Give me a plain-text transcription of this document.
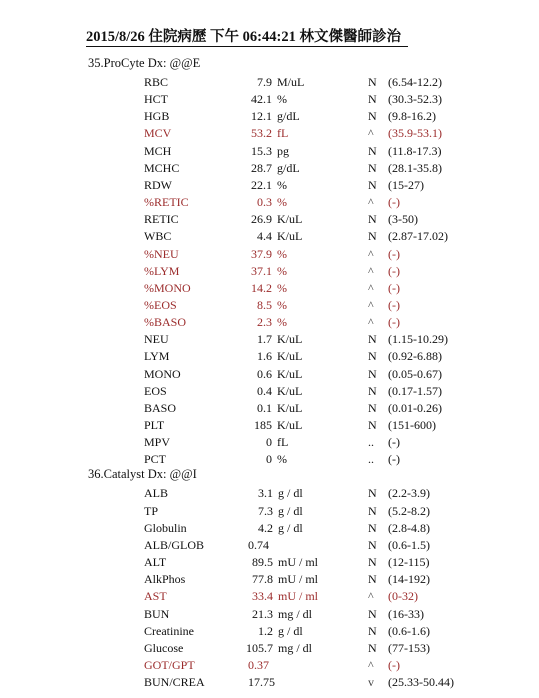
2015/8/26 住院病歷 下午 06:44:21 林文傑醫師診治
35.ProCyte Dx: @@E
RBC	7.9 M/uL	N (6.54-12.2)
HCT	42.1 %	N (30.3-52.3)
HGB	12.1 g/dL	N (9.8-16.2)
MCV	53.2 fL	^ (35.9-53.1)
MCH	15.3 pg	N (11.8-17.3)
MCHC	28.7 g/dL	N (28.1-35.8)
RDW	22.1 %	N (15-27)
%RETIC	0.3 %	^ (-)
RETIC	26.9 K/uL	N (3-50)
WBC	4.4 K/uL	N (2.87-17.02)
%NEU	37.9 %	^ (-)
%LYM	37.1 %	^ (-)
%MONO	14.2 %	^ (-)
%EOS	8.5 %	^ (-)
%BASO	2.3 %	^ (-)
NEU	1.7 K/uL	N (1.15-10.29)
LYM	1.6 K/uL	N (0.92-6.88)
MONO	0.6 K/uL	N (0.05-0.67)
EOS	0.4 K/uL	N (0.17-1.57)
BASO	0.1 K/uL	N (0.01-0.26)
PLT	185 K/uL	N (151-600)
MPV	0 fL	.. (-)
PCT	0 %	.. (-)
36.Catalyst Dx: @@I
ALB	3.1 g / dl	N (2.2-3.9)
TP	7.3 g / dl	N (5.2-8.2)
Globulin	4.2 g / dl	N (2.8-4.8)
ALB/GLOB	0.74	N (0.6-1.5)
ALT	89.5 mU / ml	N (12-115)
AlkPhos	77.8 mU / ml	N (14-192)
AST	33.4 mU / ml	^ (0-32)
BUN	21.3 mg / dl	N (16-33)
Creatinine	1.2 g / dl	N (0.6-1.6)
Glucose	105.7 mg / dl	N (77-153)
GOT/GPT	0.37	^ (-)
BUN/CREA	17.75	v (25.33-50.44)
